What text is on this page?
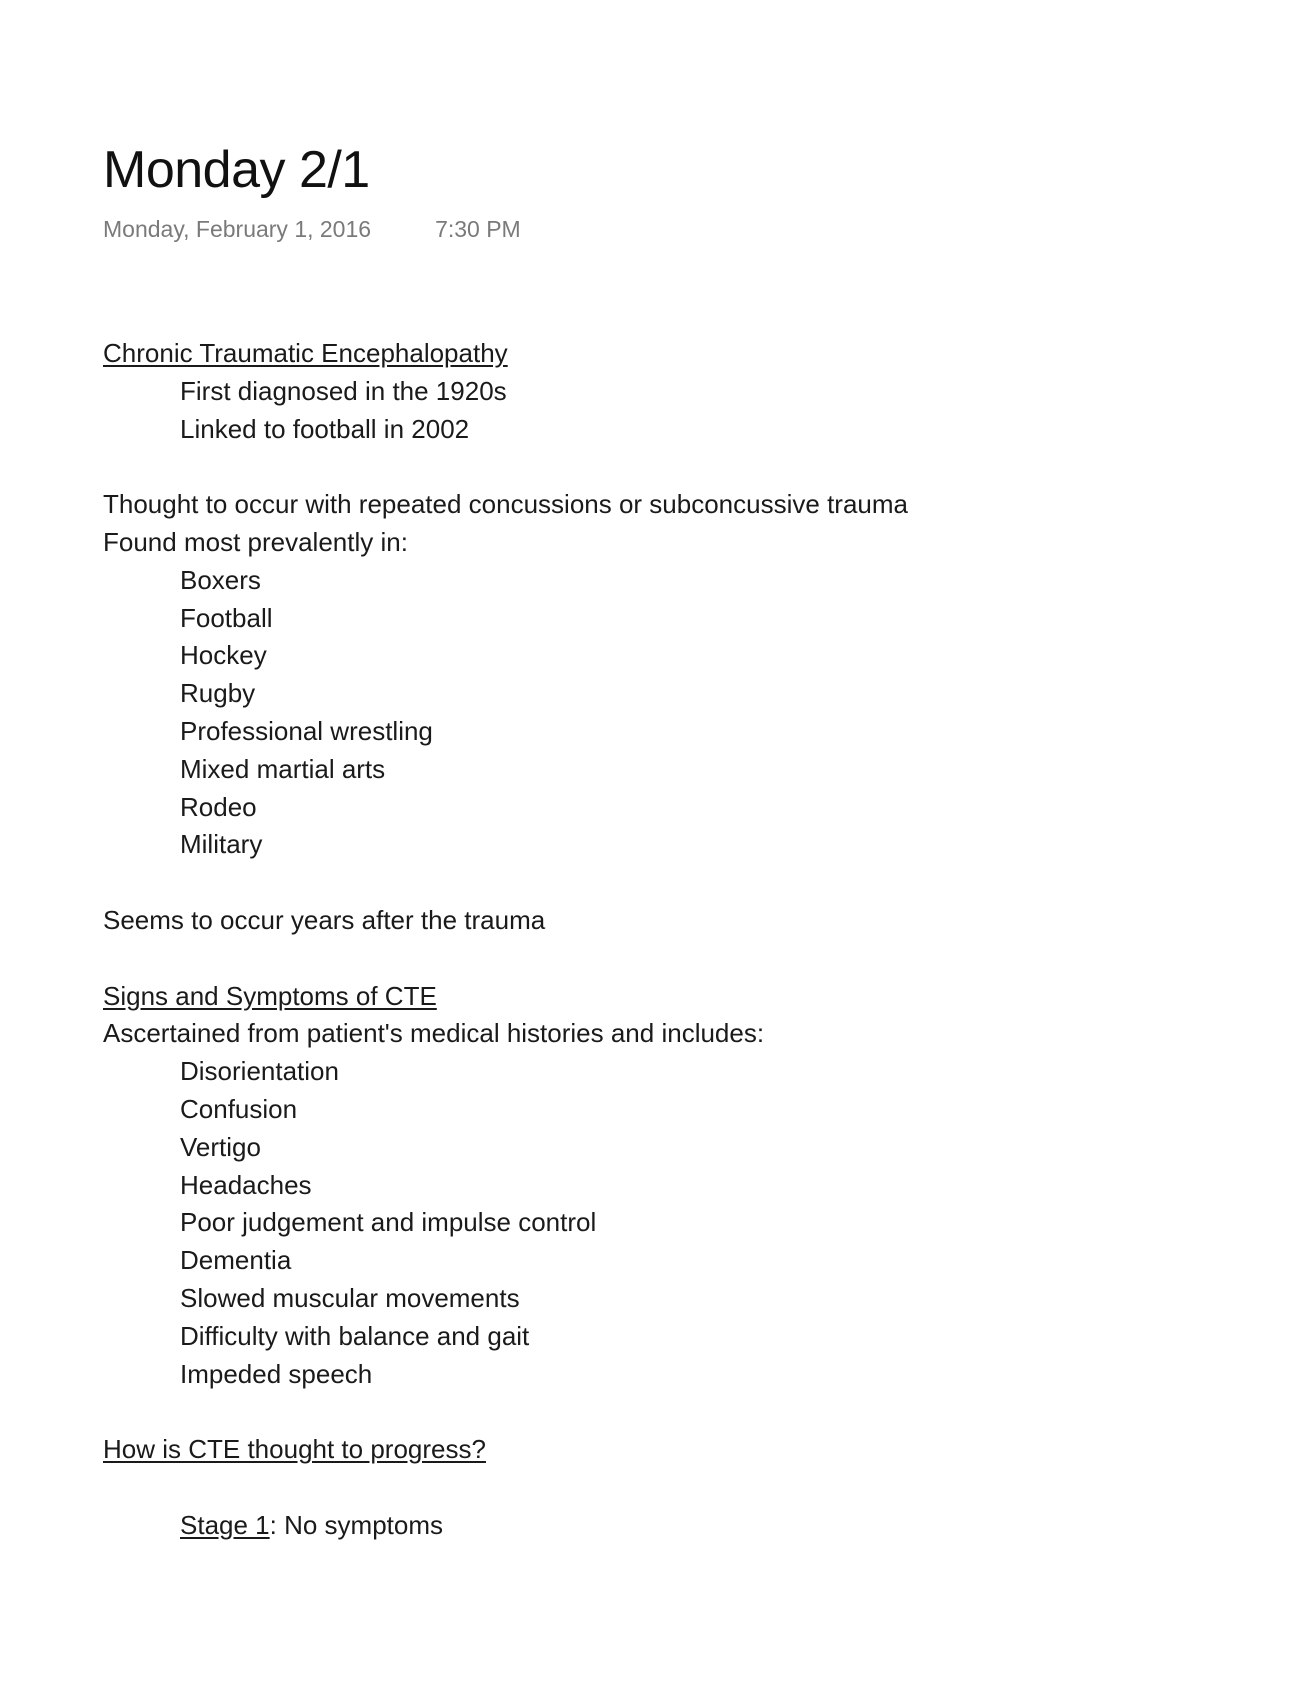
Monday 2/1
Monday, February 1, 2016	7:30 PM
Chronic Traumatic Encephalopathy
First diagnosed in the 1920s
Linked to football in 2002
Thought to occur with repeated concussions or subconcussive trauma
Found most prevalently in:
Boxers
Football
Hockey
Rugby
Professional wrestling
Mixed martial arts
Rodeo
Military
Seems to occur years after the trauma
Signs and Symptoms of CTE
Ascertained from patient's medical histories and includes:
Disorientation
Confusion
Vertigo
Headaches
Poor judgement and impulse control
Dementia
Slowed muscular movements
Difficulty with balance and gait
Impeded speech
How is CTE thought to progress?
Stage 1: No symptoms
